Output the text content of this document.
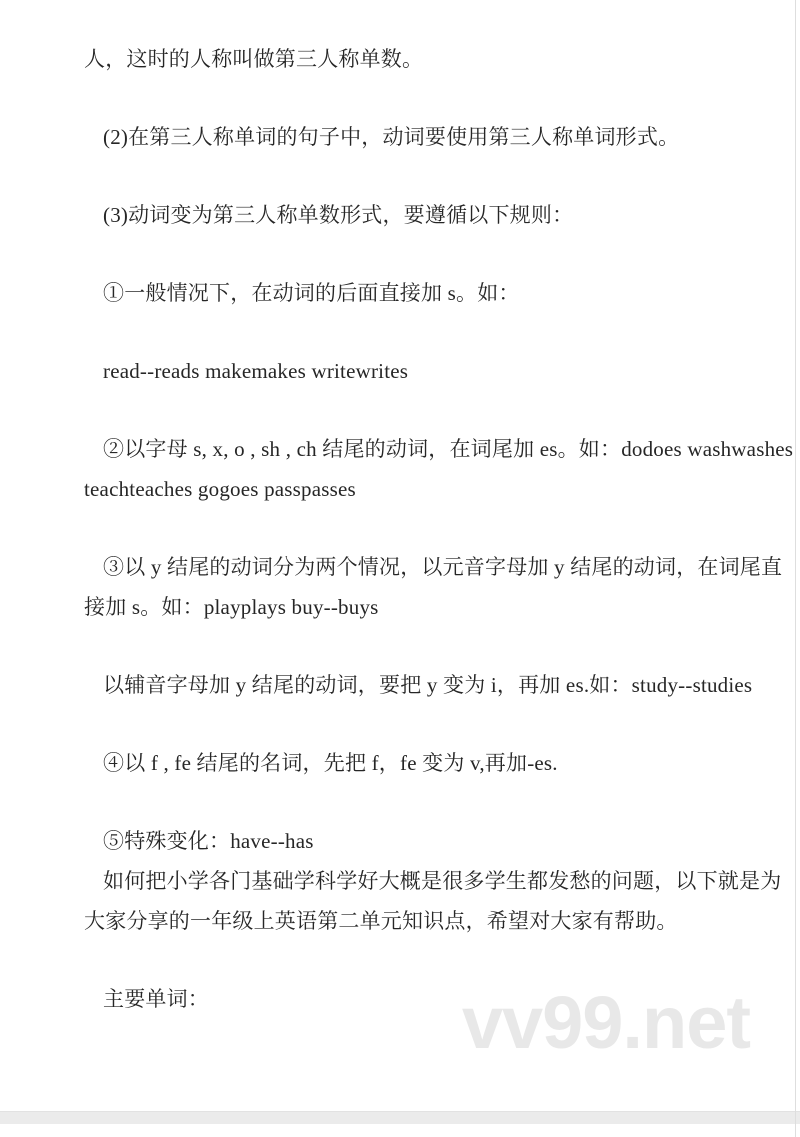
人，这时的人称叫做第三人称单数。

(2)在第三人称单词的句子中，动词要使用第三人称单词形式。

(3)动词变为第三人称单数形式，要遵循以下规则：

①一般情况下，在动词的后面直接加 s。如：

read--reads makemakes writewrites

②以字母 s, x, o , sh , ch 结尾的动词，在词尾加 es。如：dodoes washwashes
teachteaches gogoes passpasses

③以 y 结尾的动词分为两个情况，以元音字母加 y 结尾的动词，在词尾直
接加 s。如：playplays buy--buys

以辅音字母加 y 结尾的动词，要把 y 变为 i，再加 es.如：study--studies

④以 f , fe 结尾的名词，先把 f，fe 变为 v,再加-es.

⑤特殊变化：have--has

如何把小学各门基础学科学好大概是很多学生都发愁的问题，以下就是为
大家分享的一年级上英语第二单元知识点，希望对大家有帮助。

主要单词：	vv99.net
